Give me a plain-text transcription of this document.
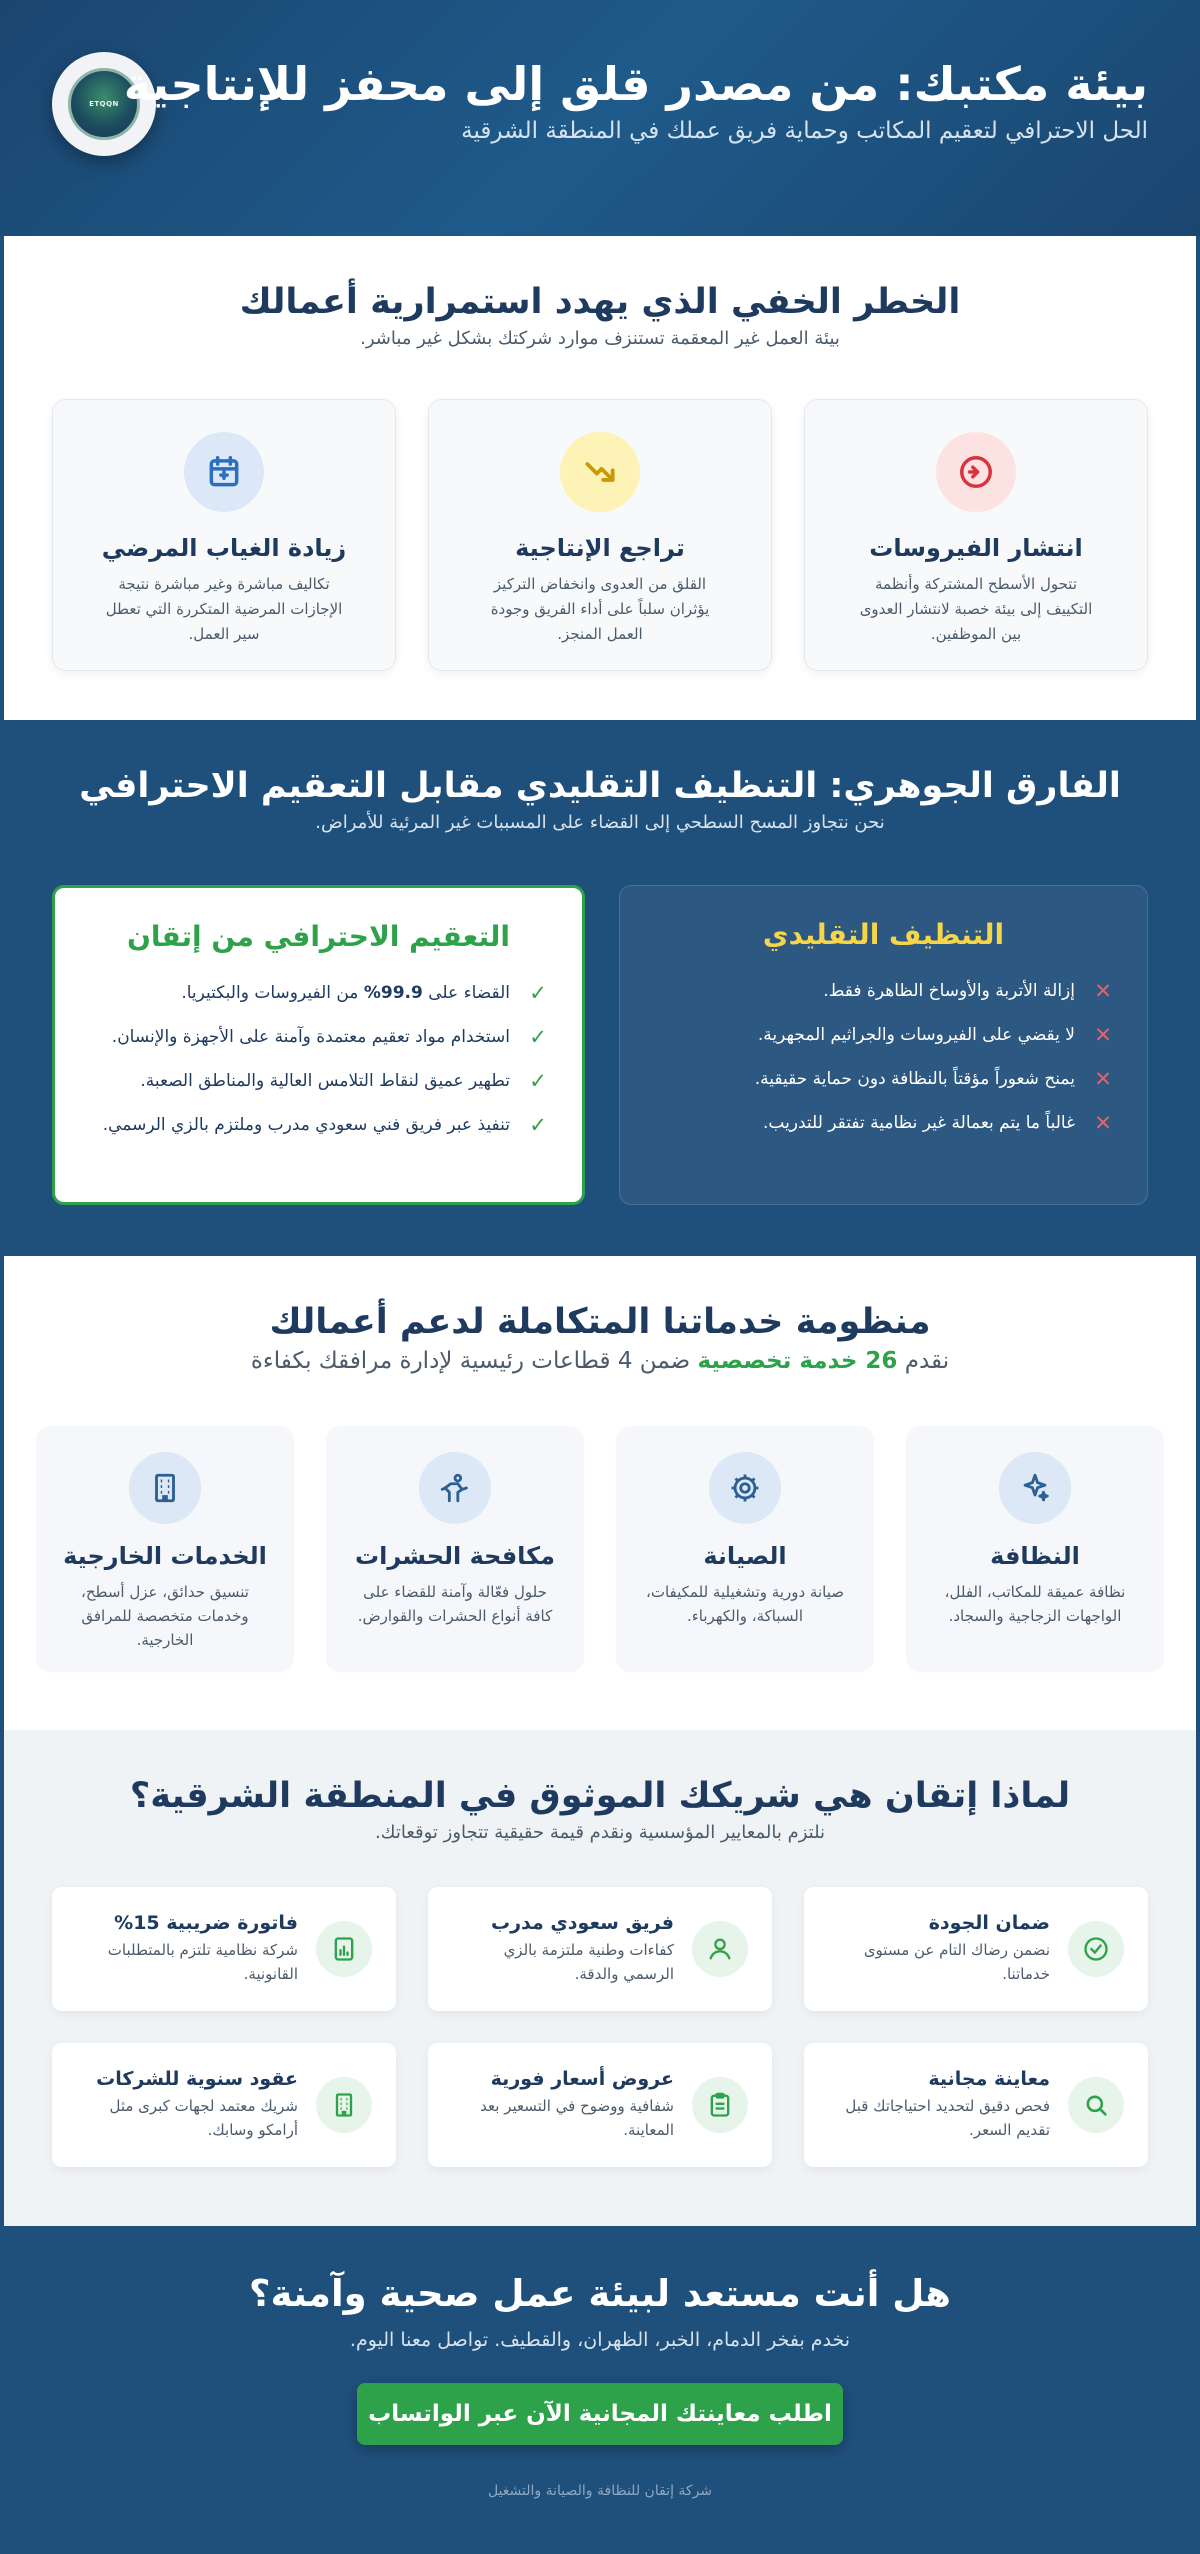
ETQQN بيئة مكتبك: من مصدر قلق إلى محفز للإنتاجية

الحل الاحترافي لتعقيم المكاتب وحماية فريق عملك في المنطقة الشرقية

الخطر الخفي الذي يهدد استمرارية أعمالك

بيئة العمل غير المعقمة تستنزف موارد شركتك بشكل غير مباشر.

انتشار الفيروسات

تتحول الأسطح المشتركة وأنظمة التكييف إلى بيئة خصبة لانتشار العدوى بين الموظفين.

تراجع الإنتاجية

القلق من العدوى وانخفاض التركيز يؤثران سلباً على أداء الفريق وجودة العمل المنجز.

زيادة الغياب المرضي

تكاليف مباشرة وغير مباشرة نتيجة الإجازات المرضية المتكررة التي تعطل سير العمل.

الفارق الجوهري: التنظيف التقليدي مقابل التعقيم الاحترافي

نحن نتجاوز المسح السطحي إلى القضاء على المسببات غير المرئية للأمراض.

التنظيف التقليدي
✕
إزالة الأتربة والأوساخ الظاهرة فقط.
✕
لا يقضي على الفيروسات والجراثيم المجهرية.
✕
يمنح شعوراً مؤقتاً بالنظافة دون حماية حقيقية.
✕
غالباً ما يتم بعمالة غير نظامية تفتقر للتدريب.
التعقيم الاحترافي من إتقان
✓
القضاء على 99.9% من الفيروسات والبكتيريا.
✓
استخدام مواد تعقيم معتمدة وآمنة على الأجهزة والإنسان.
✓
تطهير عميق لنقاط التلامس العالية والمناطق الصعبة.
✓
تنفيذ عبر فريق فني سعودي مدرب وملتزم بالزي الرسمي.
منظومة خدماتنا المتكاملة لدعم أعمالك

نقدم 26 خدمة تخصصية ضمن 4 قطاعات رئيسية لإدارة مرافقك بكفاءة

النظافة

نظافة عميقة للمكاتب، الفلل، الواجهات الزجاجية والسجاد.

الصيانة

صيانة دورية وتشغيلية للمكيفات، السباكة، والكهرباء.

مكافحة الحشرات

حلول فعّالة وآمنة للقضاء على كافة أنواع الحشرات والقوارض.

الخدمات الخارجية

تنسيق حدائق، عزل أسطح، وخدمات متخصصة للمرافق الخارجية.

لماذا إتقان هي شريكك الموثوق في المنطقة الشرقية؟

نلتزم بالمعايير المؤسسية ونقدم قيمة حقيقية تتجاوز توقعاتك.

ضمان الجودة

نضمن رضاك التام عن مستوى خدماتنا.

فريق سعودي مدرب

كفاءات وطنية ملتزمة بالزي الرسمي والدقة.

فاتورة ضريبية 15%

شركة نظامية تلتزم بالمتطلبات القانونية.

معاينة مجانية

فحص دقيق لتحديد احتياجاتك قبل تقديم السعر.

عروض أسعار فورية

شفافية ووضوح في التسعير بعد المعاينة.

عقود سنوية للشركات

شريك معتمد لجهات كبرى مثل أرامكو وسابك.

هل أنت مستعد لبيئة عمل صحية وآمنة؟

نخدم بفخر الدمام، الخبر، الظهران، والقطيف. تواصل معنا اليوم.

اطلب معاينتك المجانية الآن عبر الواتساب

شركة إتقان للنظافة والصيانة والتشغيل
